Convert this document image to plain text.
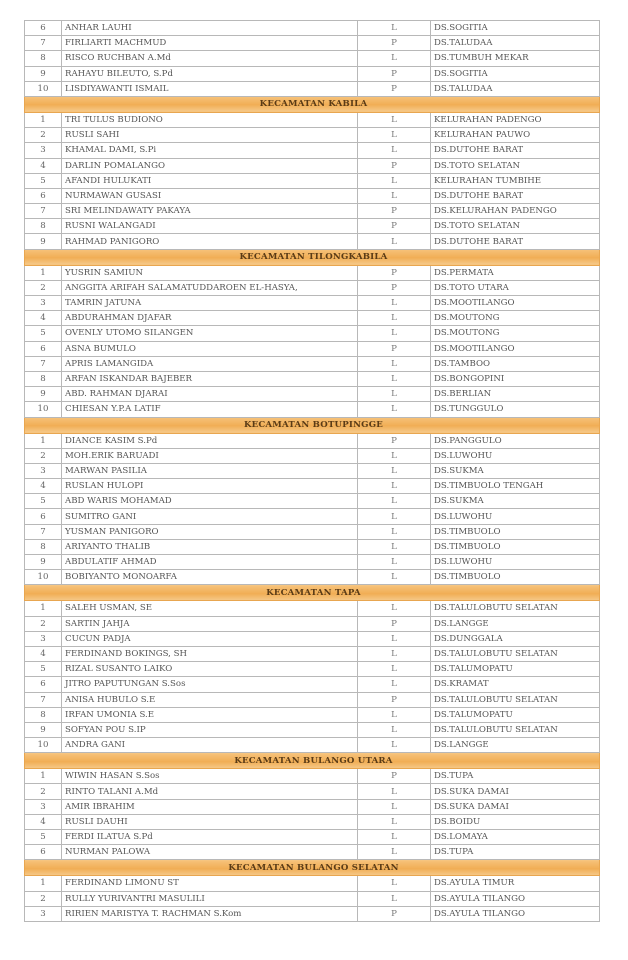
6	ANHAR LAUHI	L	DS.SOGITIA
7	FIRLIARTI MACHMUD	P	DS.TALUDAA
8	RISCO RUCHBAN A.Md	L	DS.TUMBUH MEKAR
9	RAHAYU BILEUTO, S.Pd	P	DS.SOGITIA
10	LISDIYAWANTI ISMAIL	P	DS.TALUDAA
KECAMATAN KABILA			
1	TRI TULUS BUDIONO	L	KELURAHAN PADENGO
2	RUSLI SAHI	L	KELURAHAN PAUWO
3	KHAMAL DAMI, S.Pi	L	DS.DUTOHE BARAT
4	DARLIN POMALANGO	P	DS.TOTO SELATAN
5	AFANDI HULUKATI	L	KELURAHAN TUMBIHE
6	NURMAWAN GUSASI	L	DS.DUTOHE BARAT
7	SRI MELINDAWATY PAKAYA	P	DS.KELURAHAN PADENGO
8	RUSNI WALANGADI	P	DS.TOTO SELATAN
9	RAHMAD PANIGORO	L	DS.DUTOHE BARAT
KECAMATAN TILONGKABILA			
1	YUSRIN SAMIUN	P	DS.PERMATA
2	ANGGITA ARIFAH SALAMATUDDAROEN EL-HASYA,	P	DS.TOTO UTARA
3	TAMRIN JATUNA	L	DS.MOOTILANGO
4	ABDURAHMAN DJAFAR	L	DS.MOUTONG
5	OVENLY UTOMO SILANGEN	L	DS.MOUTONG
6	ASNA BUMULO	P	DS.MOOTILANGO
7	APRIS LAMANGIDA	L	DS.TAMBOO
8	ARFAN ISKANDAR BAJEBER	L	DS.BONGOPINI
9	ABD. RAHMAN DJARAI	L	DS.BERLIAN
10	CHIESAN Y.P.A LATIF	L	DS.TUNGGULO
KECAMATAN BOTUPINGGE			
1	DIANCE KASIM S.Pd	P	DS.PANGGULO
2	MOH.ERIK BARUADI	L	DS.LUWOHU
3	MARWAN PASILIA	L	DS.SUKMA
4	RUSLAN HULOPI	L	DS.TIMBUOLO TENGAH
5	ABD WARIS MOHAMAD	L	DS.SUKMA
6	SUMITRO GANI	L	DS.LUWOHU
7	YUSMAN PANIGORO	L	DS.TIMBUOLO
8	ARIYANTO THALIB	L	DS.TIMBUOLO
9	ABDULATIF AHMAD	L	DS.LUWOHU
10	BOBIYANTO MONOARFA	L	DS.TIMBUOLO
KECAMATAN TAPA			
1	SALEH USMAN, SE	L	DS.TALULOBUTU SELATAN
2	SARTIN JAHJA	P	DS.LANGGE
3	CUCUN PADJA	L	DS.DUNGGALA
4	FERDINAND BOKINGS, SH	L	DS.TALULOBUTU SELATAN
5	RIZAL SUSANTO LAIKO	L	DS.TALUMOPATU
6	JITRO PAPUTUNGAN S.Sos	L	DS.KRAMAT
7	ANISA HUBULO S.E	P	DS.TALULOBUTU SELATAN
8	IRFAN UMONIA S.E	L	DS.TALUMOPATU
9	SOFYAN POU S.IP	L	DS.TALULOBUTU SELATAN
10	ANDRA GANI	L	DS.LANGGE
KECAMATAN BULANGO UTARA			
1	WIWIN HASAN S.Sos	P	DS.TUPA
2	RINTO TALANI A.Md	L	DS.SUKA DAMAI
3	AMIR IBRAHIM	L	DS.SUKA DAMAI
4	RUSLI DAUHI	L	DS.BOIDU
5	FERDI ILATUA S.Pd	L	DS.LOMAYA
6	NURMAN PALOWA	L	DS.TUPA
KECAMATAN BULANGO SELATAN			
1	FERDINAND LIMONU ST	L	DS.AYULA TIMUR
2	RULLY YURIVANTRI MASULILI	L	DS.AYULA TILANGO
3	RIRIEN MARISTYA T. RACHMAN S.Kom	P	DS.AYULA TILANGO
